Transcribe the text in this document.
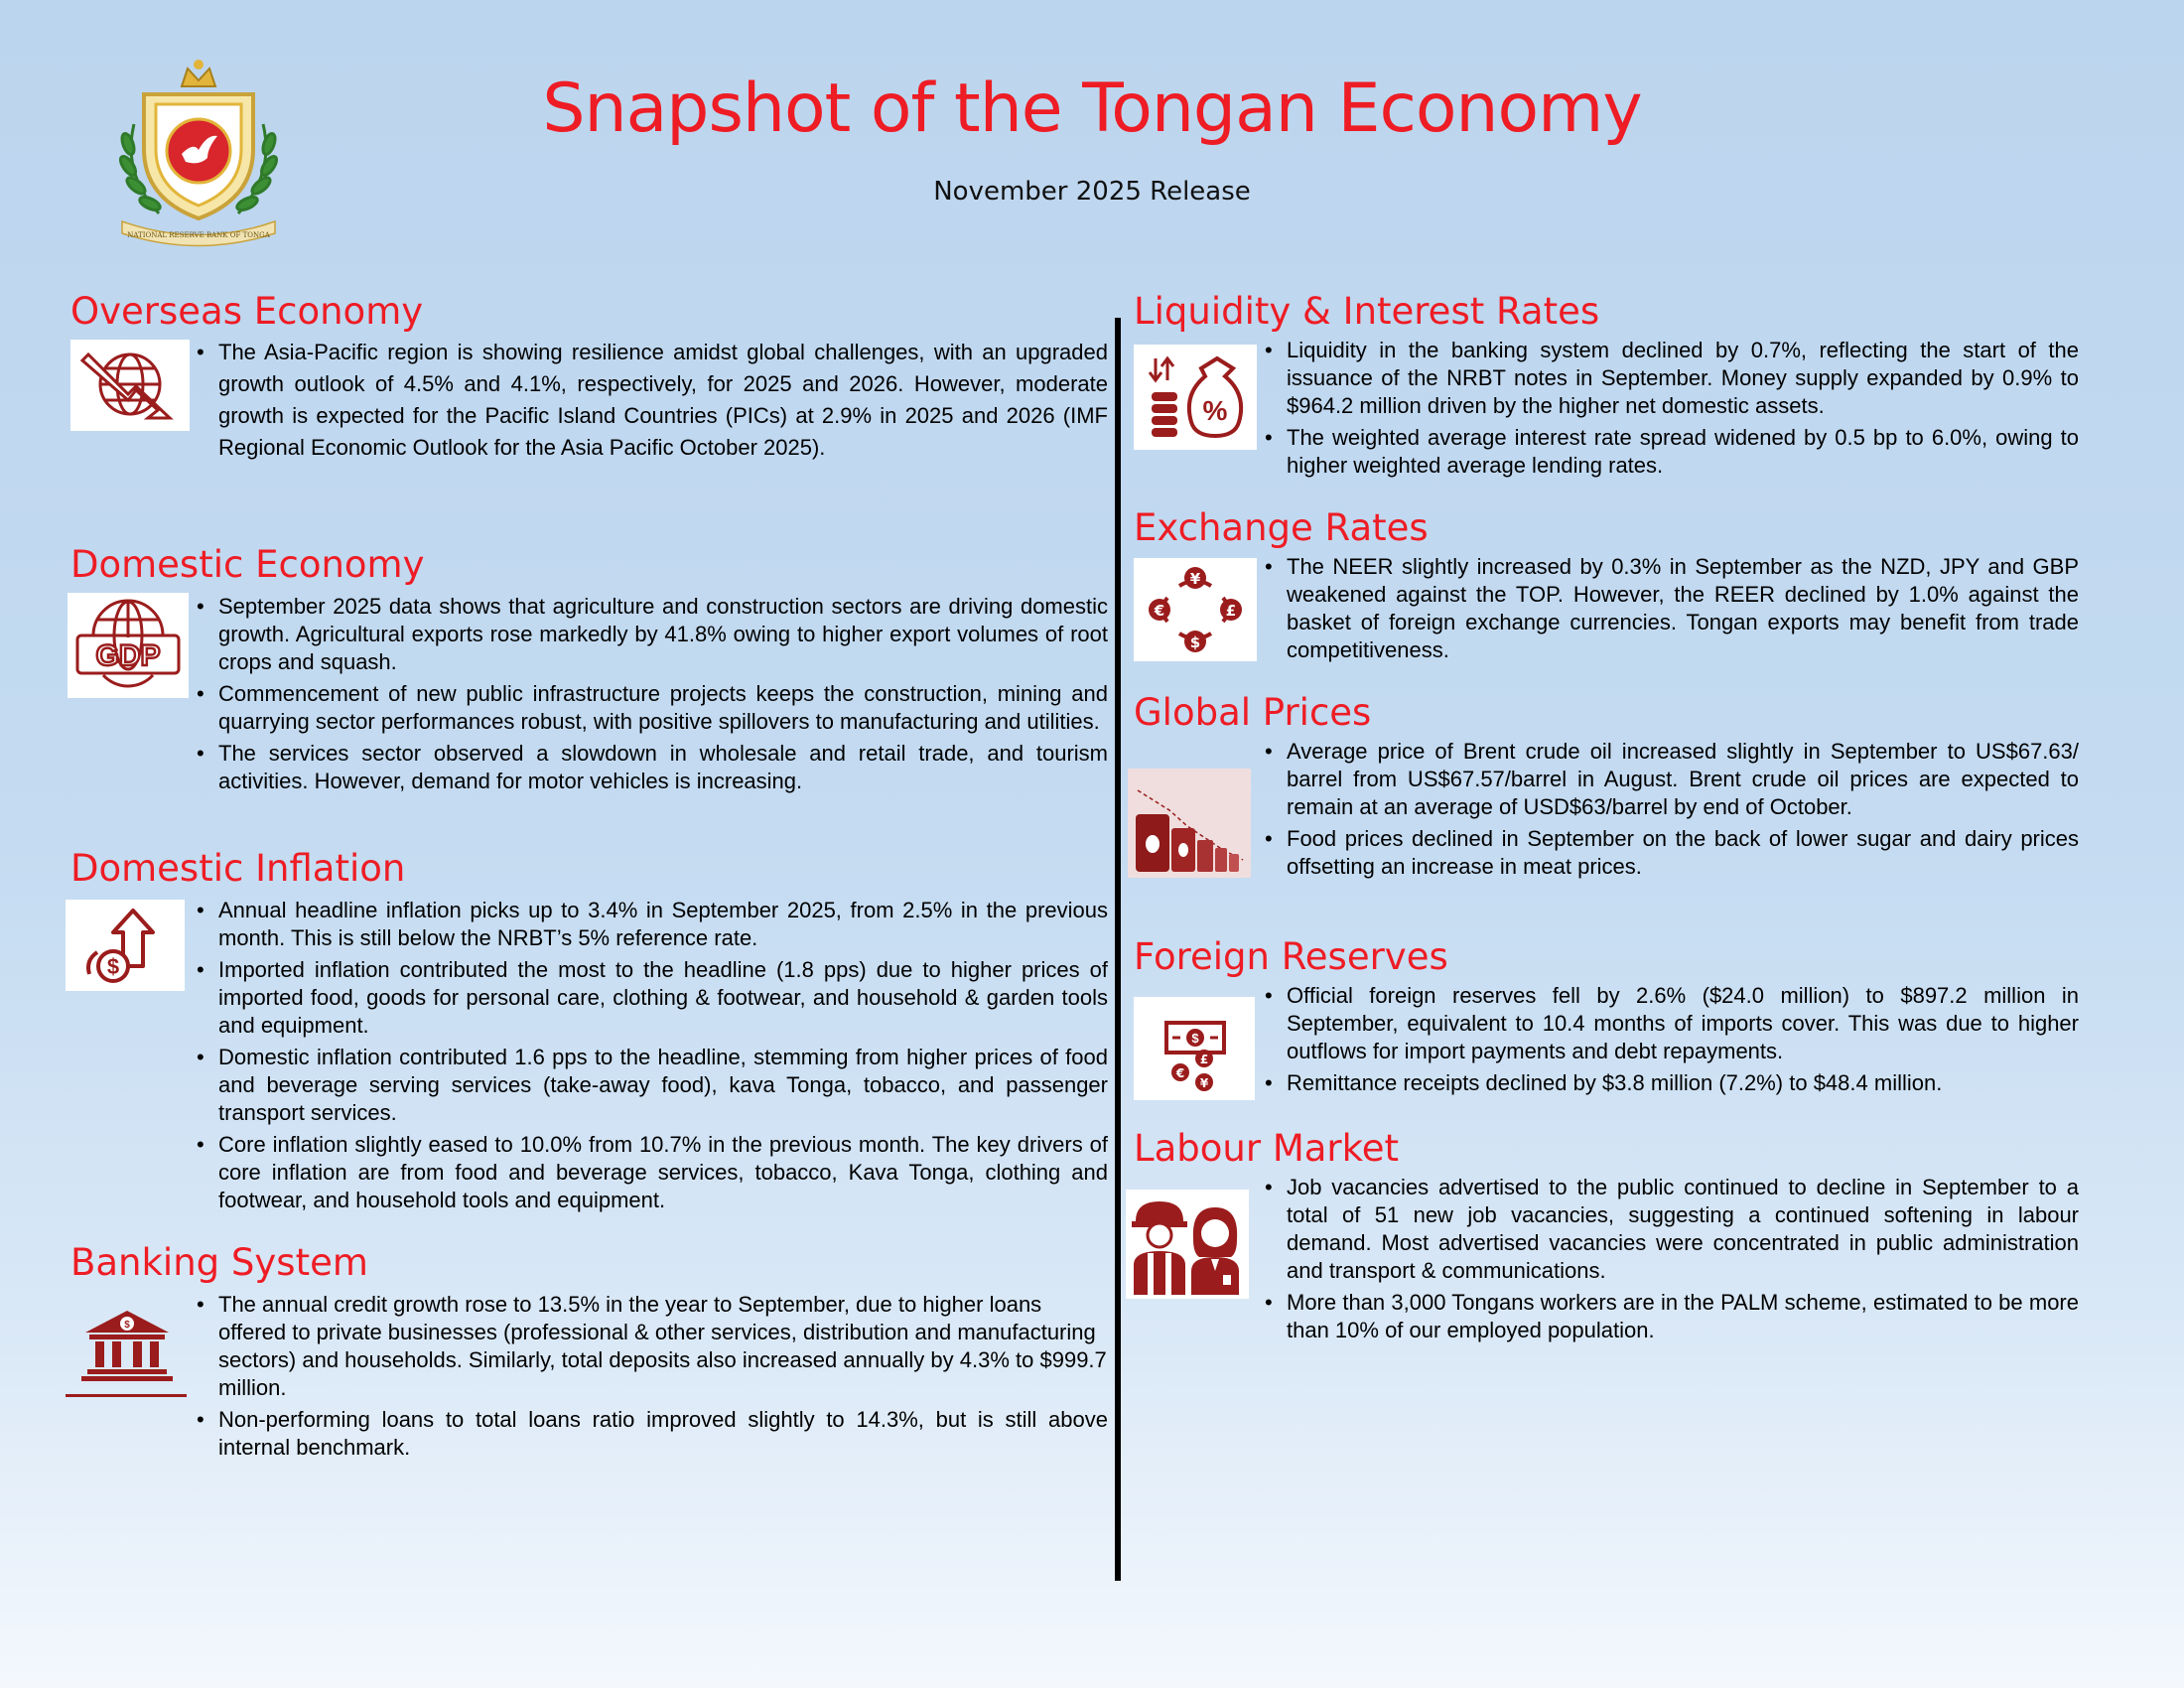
NATIONAL RESERVE BANK OF TONGA
Snapshot of the Tongan Economy
November 2025 Release
Overseas Economy
• The Asia-Pacific region is showing resilience amidst global challenges, with an upgraded growth outlook of 4.5% and 4.1%, respectively, for 2025 and 2026. However, moderate growth is expected for the Pacific Island Countries (PICs) at 2.9% in 2025 and 2026 (IMF Regional Economic Outlook for the Asia Pacific October 2025).
Domestic Economy
GDP
• September 2025 data shows that agriculture and construction sectors are driving domestic growth. Agricultural exports rose markedly by 41.8% owing to higher export volumes of root crops and squash.
• Commencement of new public infrastructure projects keeps the construction, mining and quarrying sector performances robust, with positive spillovers to manufacturing and utilities.
• The services sector observed a slowdown in wholesale and retail trade, and tourism activities. However, demand for motor vehicles is increasing.
Domestic Inflation
$
• Annual headline inflation picks up to 3.4% in September 2025, from 2.5% in the previous month. This is still below the NRBT’s 5% reference rate.
• Imported inflation contributed the most to the headline (1.8 pps) due to higher prices of imported food, goods for personal care, clothing & footwear, and household & garden tools and equipment.
• Domestic inflation contributed 1.6 pps to the headline, stemming from higher prices of food and beverage serving services (take-away food), kava Tonga, tobacco, and passenger transport services.
• Core inflation slightly eased to 10.0% from 10.7% in the previous month. The key drivers of core inflation are from food and beverage services, tobacco, Kava Tonga, clothing and footwear, and household tools and equipment.
Banking System
$
• The annual credit growth rose to 13.5% in the year to September, due to higher loans offered to private businesses (professional & other services, distribution and manufacturing sectors) and households. Similarly, total deposits also increased annually by 4.3% to $999.7 million.
• Non-performing loans to total loans ratio improved slightly to 14.3%, but is still above internal benchmark.
Liquidity & Interest Rates
%
• Liquidity in the banking system declined by 0.7%, reflecting the start of the issuance of the NRBT notes in September. Money supply expanded by 0.9% to $964.2 million driven by the higher net domestic assets.
• The weighted average interest rate spread widened by 0.5 bp to 6.0%, owing to higher weighted average lending rates.
Exchange Rates
¥
£
$
€
• The NEER slightly increased by 0.3% in September as the NZD, JPY and GBP weakened against the TOP. However, the REER declined by 1.0% against the basket of foreign exchange currencies. Tongan exports may benefit from trade competitiveness.
Global Prices
• Average price of Brent crude oil increased slightly in September to US$67.63/ barrel from US$67.57/barrel in August. Brent crude oil prices are expected to remain at an average of USD$63/barrel by end of October.
• Food prices declined in September on the back of lower sugar and dairy prices offsetting an increase in meat prices.
Foreign Reserves
$
£
€
¥
• Official foreign reserves fell by 2.6% ($24.0 million) to $897.2 million in September, equivalent to 10.4 months of imports cover. This was due to higher outflows for import payments and debt repayments.
• Remittance receipts declined by $3.8 million (7.2%) to $48.4 million.
Labour Market
• Job vacancies advertised to the public continued to decline in September to a total of 51 new job vacancies, suggesting a continued softening in labour demand. Most advertised vacancies were concentrated in public administration and transport & communications.
• More than 3,000 Tongans workers are in the PALM scheme, estimated to be more than 10% of our employed population.
